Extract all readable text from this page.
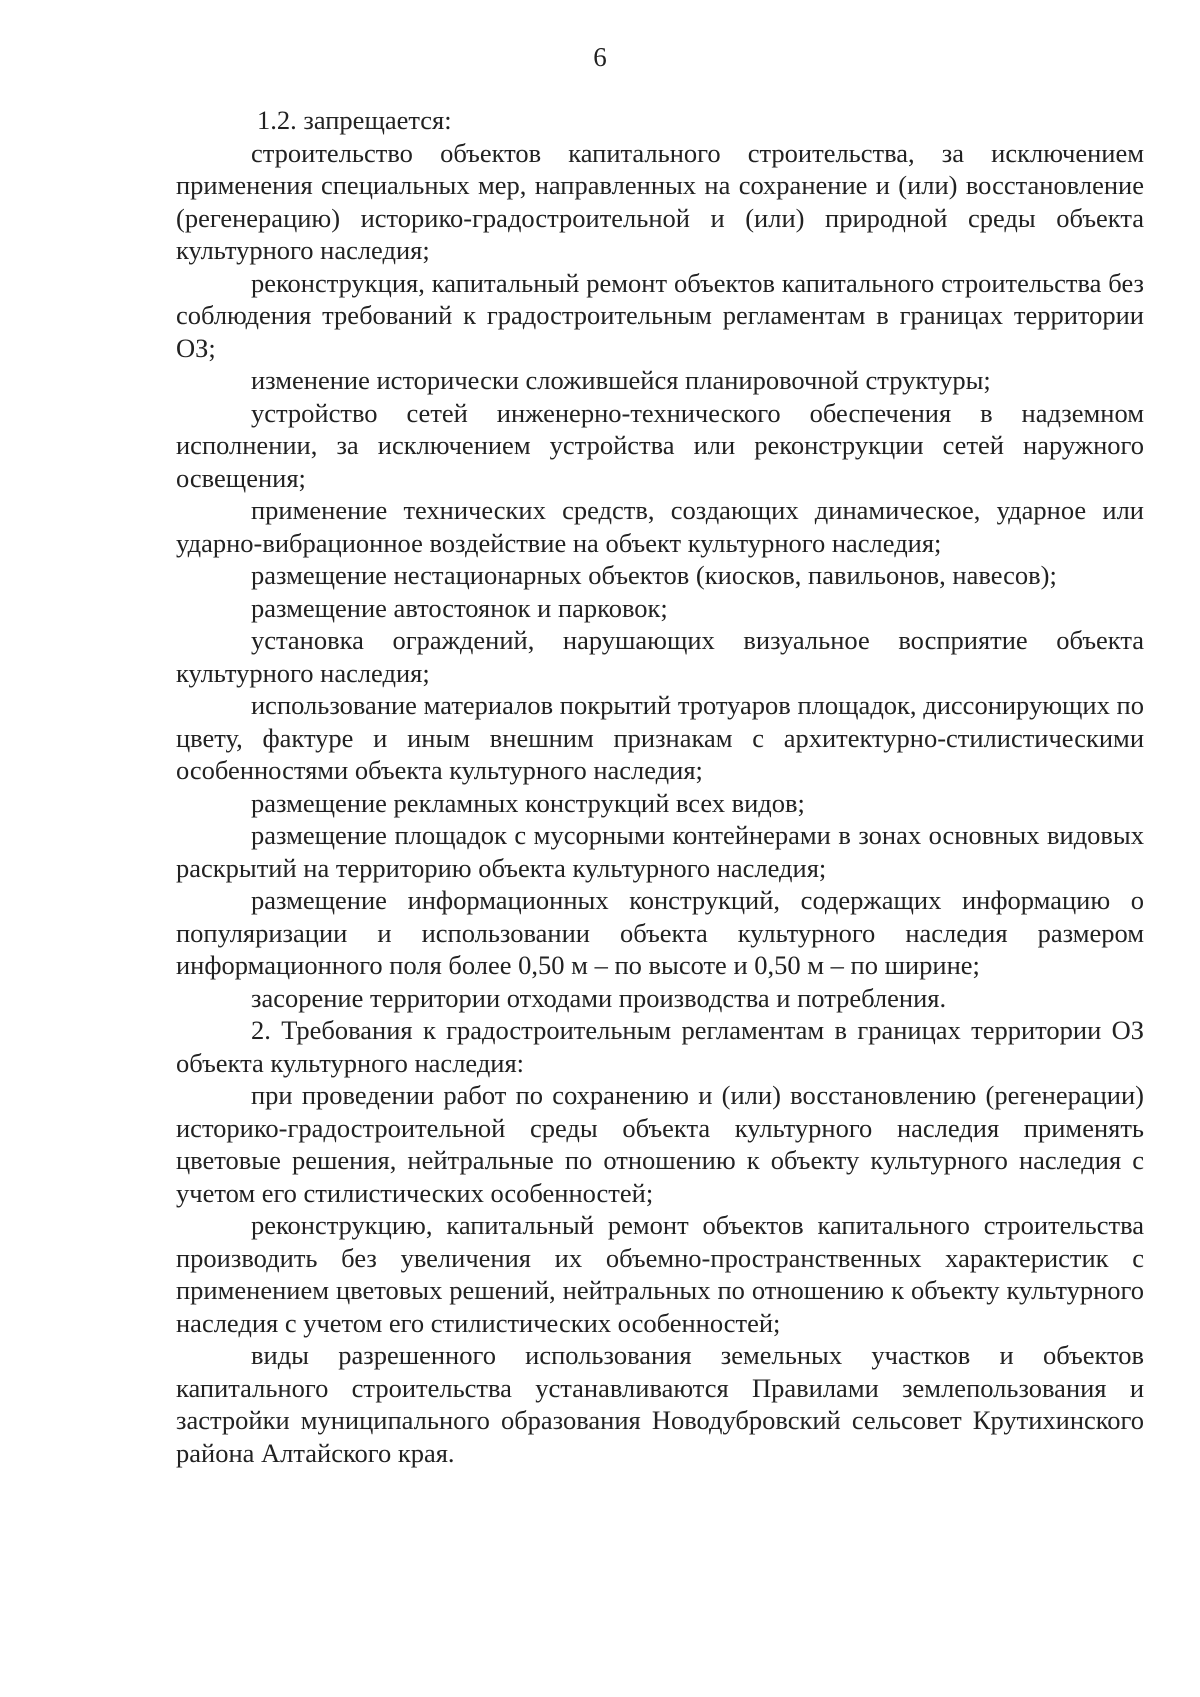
6

1.2. запрещается:

строительство объектов капитального строительства, за исключением применения специальных мер, направленных на сохранение и (или) восстановление (регенерацию) историко-градостроительной и (или) природной среды объекта культурного наследия;

реконструкция, капитальный ремонт объектов капитального строительства без соблюдения требований к градостроительным регламентам в границах территории ОЗ;

изменение исторически сложившейся планировочной структуры;

устройство сетей инженерно-технического обеспечения в надземном исполнении, за исключением устройства или реконструкции сетей наружного освещения;

применение технических средств, создающих динамическое, ударное или ударно-вибрационное воздействие на объект культурного наследия;

размещение нестационарных объектов (киосков, павильонов, навесов);

размещение автостоянок и парковок;

установка ограждений, нарушающих визуальное восприятие объекта культурного наследия;

использование материалов покрытий тротуаров площадок, диссонирующих по цвету, фактуре и иным внешним признакам с архитектурно-стилистическими особенностями объекта культурного наследия;

размещение рекламных конструкций всех видов;

размещение площадок с мусорными контейнерами в зонах основных видовых раскрытий на территорию объекта культурного наследия;

размещение информационных конструкций, содержащих информацию о популяризации и использовании объекта культурного наследия размером информационного поля более 0,50 м – по высоте и 0,50 м – по ширине;

засорение территории отходами производства и потребления.

2. Требования к градостроительным регламентам в границах территории ОЗ объекта культурного наследия:

при проведении работ по сохранению и (или) восстановлению (регенерации) историко-градостроительной среды объекта культурного наследия применять цветовые решения, нейтральные по отношению к объекту культурного наследия с учетом его стилистических особенностей;

реконструкцию, капитальный ремонт объектов капитального строительства производить без увеличения их объемно-пространственных характеристик с применением цветовых решений, нейтральных по отношению к объекту культурного наследия с учетом его стилистических особенностей;

виды разрешенного использования земельных участков и объектов капитального строительства устанавливаются Правилами землепользования и застройки муниципального образования Новодубровский сельсовет Крутихинского района Алтайского края.
